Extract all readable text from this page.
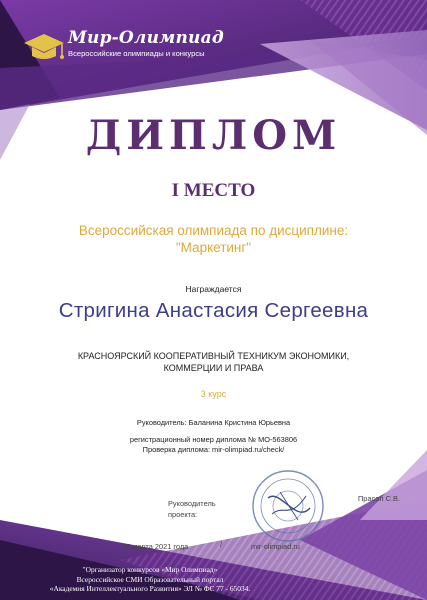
Мир-Олимпиад
Всероссийские олимпиады и конкурсы
ДИПЛОМ
I МЕСТО
Всероссийская олимпиада по дисциплине:
"Маркетинг"
Награждается
Стригина Анастасия Сергеевна
КРАСНОЯРСКИЙ КООПЕРАТИВНЫЙ ТЕХНИКУМ ЭКОНОМИКИ,
КОММЕРЦИИ И ПРАВА
3 курс
Руководитель: Баланина Кристина Юрьевна
регистрационный номер диплома № МО-563806
Проверка диплома: mir-olimpiad.ru/check/
Руководитель
проекта:
Прасол С.В.
25 марта 2021 года	/	mir-olimpiad.ru
"Организатор конкурсов «Мир Олимпиад»
Всероссийское СМИ Образовательный портал
«Академия Интеллектуального Развития» ЭЛ № ФС 77 - 65034.
